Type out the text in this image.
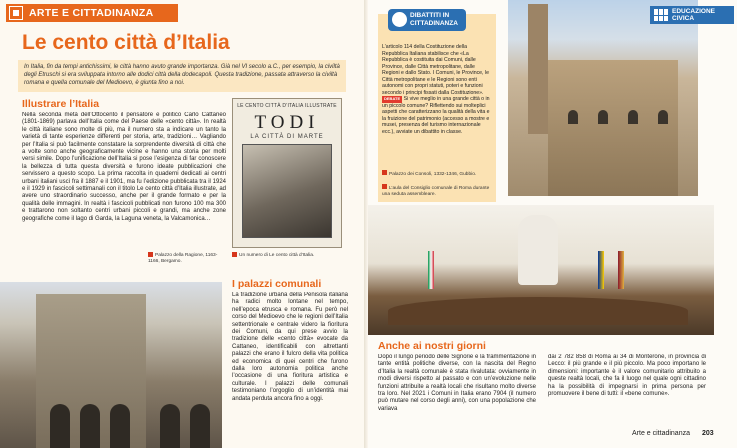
ARTE E CITTADINANZA
Le cento città d’Italia
In Italia, fin da tempi antichissimi, le città hanno avuto grande importanza. Già nel VI secolo a.C., per esempio, la civiltà degli Etruschi si era sviluppata intorno alle dodici città della dodecapoli. Questa tradizione, passata attraverso la civiltà romana e quella comunale del Medioevo, è giunta fino a noi.
Illustrare l’Italia
Nella seconda metà dell’Ottocento il pensatore e politico Carlo Cattaneo (1801-1869) parlava dell’Italia come del Paese delle «cento città». In realtà le città italiane sono molte di più, ma il numero sta a indicare un tanto la varietà di tante esperienze differenti per storia, arte, tradizioni… Vagliando per l’Italia si può facilmente constatare la sorprendente diversità di città che a volte sono anche geograficamente vicine e hanno una storia per molti versi simile. Dopo l’unificazione dell’Italia si pose l’esigenza di far conoscere la bellezza di tutta questa diversità e furono ideate pubblicazioni che servissero a questo scopo. La prima raccolta in quaderni dedicati ai centri urbani italiani uscì fra il 1887 e il 1901, ma fu l’edizione pubblicata tra il 1924 e il 1929 in fascicoli settimanali con il titolo Le cento città d’Italia illustrate, ad avere uno straordinario successo, anche per il grande formato e per la qualità delle immagini. In realtà i fascicoli pubblicati non furono 100 ma 300 e trattarono non soltanto centri urbani piccoli e grandi, ma anche zone geografiche come il lago di Garda, la Laguna veneta, la Valcamonica…
LE CENTO CITTÀ D’ITALIA ILLUSTRATE
TODI
LA CITTÀ DI MARTE
Un numero di Le cento città d’Italia.
Palazzo della Ragione, 1163-1166, Bergamo.
I palazzi comunali
La tradizione urbana della Penisola italiana ha radici molto lontane nel tempo, nell’epoca etrusca e romana. Fu però nel corso del Medioevo che le regioni dell’Italia settentrionale e centrale videro la fioritura dei Comuni, da qui prese avvio la tradizione delle «cento città» evocate da Cattaneo, identificabili con altrettanti palazzi che erano il fulcro della vita politica ed economica di quei centri che furono dalla loro autonomia politica anche l’occasione di una fioritura artistica e culturale. I palazzi delle comunali testimoniano l’orgoglio di un’identità mai andata perduta ancora fino a oggi.
DIBATTITI IN CITTADINANZA
L’articolo 114 della Costituzione della Repubblica Italiana stabilisce che «La Repubblica è costituita dai Comuni, dalle Province, dalle Città metropolitane, dalle Regioni e dallo Stato. I Comuni, le Province, le Città metropolitane e le Regioni sono enti autonomi con propri statuti, poteri e funzioni secondo i principi fissati dalla Costituzione». DEBATE Si vive meglio in una grande città o in un piccolo comune? Riflettendo sui molteplici aspetti che caratterizzano la qualità della vita e la fruizione del patrimonio (accesso a mostre e musei, presenza del turismo internazionale ecc.), avviate un dibattito in classe.
Palazzo dei Consoli, 1332-1346, Gubbio.
L’aula del Consiglio comunale di Roma durante una seduta assembleare.
EDUCAZIONE CIVICA
Anche ai nostri giorni
Dopo il lungo periodo delle Signorie e la frammentazione in tante entità politiche diverse, con la nascita del Regno d’Italia la realtà comunale è stata rivalutata: ovviamente in modi diversi rispetto al passato e con un’evoluzione nelle funzioni attribuite a realtà locali che risultano molto diverse tra loro. Nel 2021 i Comuni in Italia erano 7904 (il numero può mutare nel corso degli anni), con una popolazione che variava
dai 2 782 858 di Roma ai 34 di Monterone, in provincia di Lecco: il più grande e il più piccolo. Ma poco importano le dimensioni: importante è il valore comunitario attribuito a queste realtà locali, che fa il luogo nel quale ogni cittadino ha la possibilità di impegnarsi in prima persona per promuovere il bene di tutti: il «bene comune».
Arte e cittadinanza 203
